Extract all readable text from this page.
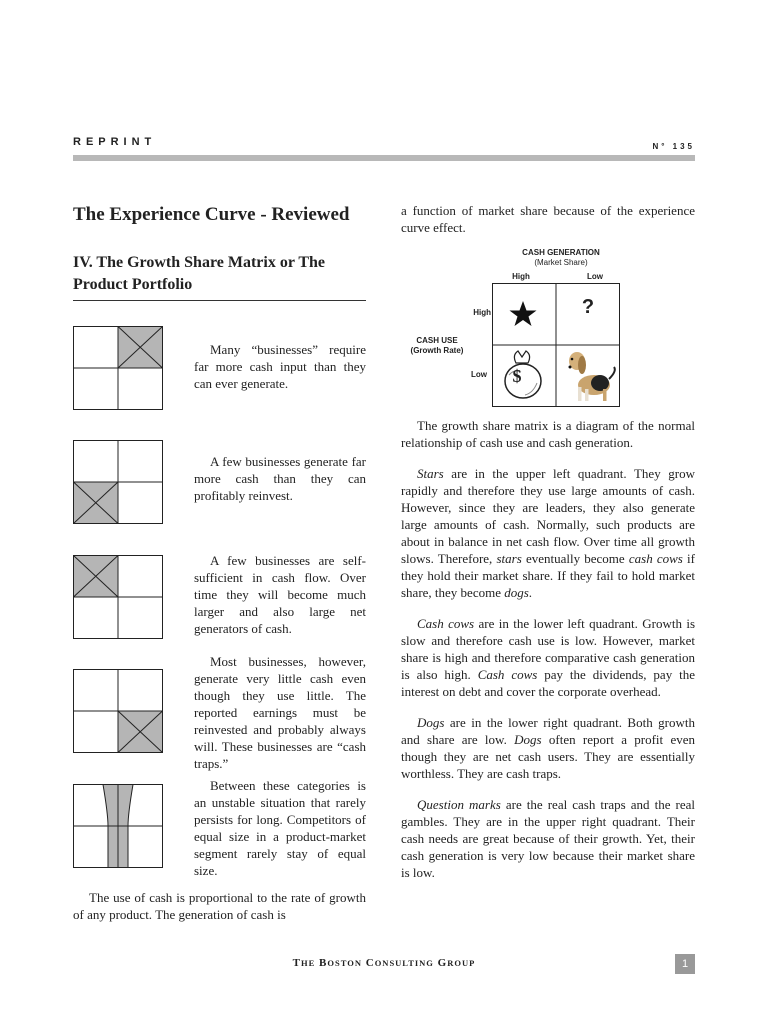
REPRINT	N° 135
The Experience Curve - Reviewed
IV. The Growth Share Matrix or The Product Portfolio

Many “businesses” require far more cash input than they can ever generate.

A few businesses generate far more cash than they can profitably reinvest.

A few businesses are self-sufficient in cash flow. Over time they will become much larger and also large net generators of cash.

Most businesses, however, generate very little cash even though they use little. The reported earnings must be reinvested and probably always will. These businesses are “cash traps.”

Between these categories is an unstable situation that rarely persists for long. Competitors of equal size in a product-market segment rarely stay of equal size.

The use of cash is proportional to the rate of growth of any product. The generation of cash is

a function of market share because of the experience curve effect.

CASH GENERATION
(Market Share)
High	Low
High
CASH USE
(Growth Rate)
Low
?
$

The growth share matrix is a diagram of the normal relationship of cash use and cash generation.

Stars are in the upper left quadrant. They grow rapidly and therefore they use large amounts of cash. However, since they are leaders, they also generate large amounts of cash. Normally, such products are about in balance in net cash flow. Over time all growth slows. Therefore, stars eventually become cash cows if they hold their market share. If they fail to hold market share, they become dogs.

Cash cows are in the lower left quadrant. Growth is slow and therefore cash use is low. However, market share is high and therefore comparative cash generation is also high. Cash cows pay the dividends, pay the interest on debt and cover the corporate overhead.

Dogs are in the lower right quadrant. Both growth and share are low. Dogs often report a profit even though they are net cash users. They are essentially worthless. They are cash traps.

Question marks are the real cash traps and the real gambles. They are in the upper right quadrant. Their cash needs are great because of their growth. Yet, their cash generation is very low because their market share is low.

THE BOSTON CONSULTING GROUP	1
